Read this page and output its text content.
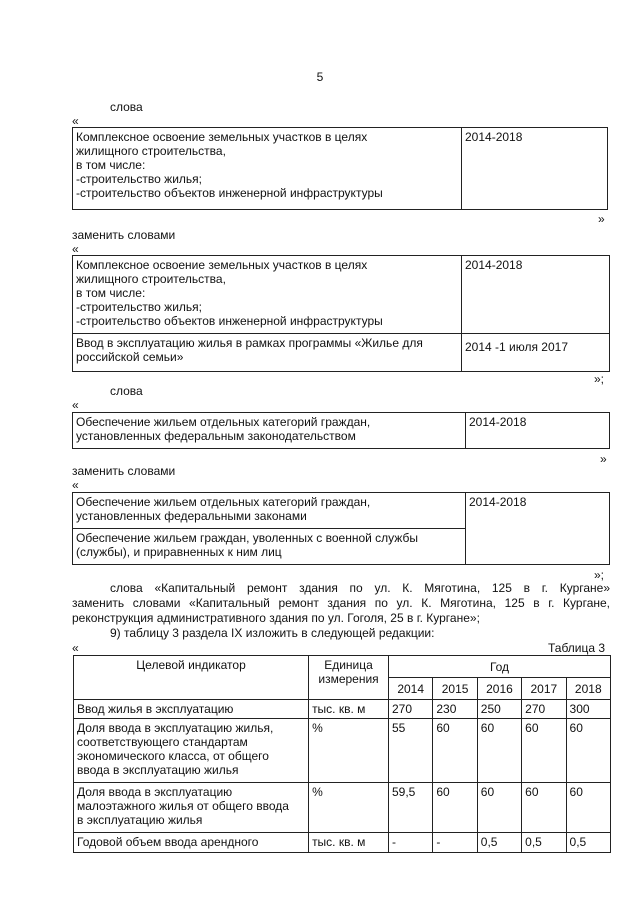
5
слова
«
Комплексное освоение земельных участков в целях
жилищного строительства,
в том числе:
-строительство жилья;
-строительство объектов инженерной инфраструктуры
	2014-2018
»
заменить словами
«
Комплексное освоение земельных участков в целях
жилищного строительства,
в том числе:
-строительство жилья;
-строительство объектов инженерной инфраструктуры	2014-2018

Ввод в эксплуатацию жилья в рамках программы «Жилье для
российской семьи»	2014 -1 июля 2017
»;
слова
«
Обеспечение жильем отдельных категорий граждан,
установленных федеральным законодательством
	2014-2018
»
заменить словами
«
Обеспечение жильем отдельных категорий граждан,
установленных федеральными законами
	2014-2018

Обеспечение жильем граждан, уволенных с военной службы
(службы), и приравненных к ним лиц
»;
слова «Капитальный ремонт здания по ул. К. Мяготина, 125 в г. Кургане»
заменить словами «Капитальный ремонт здания по ул. К. Мяготина, 125 в г. Кургане,
реконструкция административного здания по ул. Гоголя, 25 в г. Кургане»;
9) таблицу 3 раздела IX изложить в следующей редакции:
«	Таблица 3
Целевой индикатор	Единица
измерения	Год				
		2014	2015	2016	2017	2018
Ввод жилья в эксплуатацию	тыс. кв. м	270	230	250	270	300

Доля ввода в эксплуатацию жилья,
соответствующего стандартам
экономического класса, от общего
ввода в эксплуатацию жилья	%	55	60	60	60	60

Доля ввода в эксплуатацию
малоэтажного жилья от общего ввода
в эксплуатацию жилья	%	59,5	60	60	60	60
Годовой объем ввода арендного	тыс. кв. м	-	-	0,5	0,5	0,5
